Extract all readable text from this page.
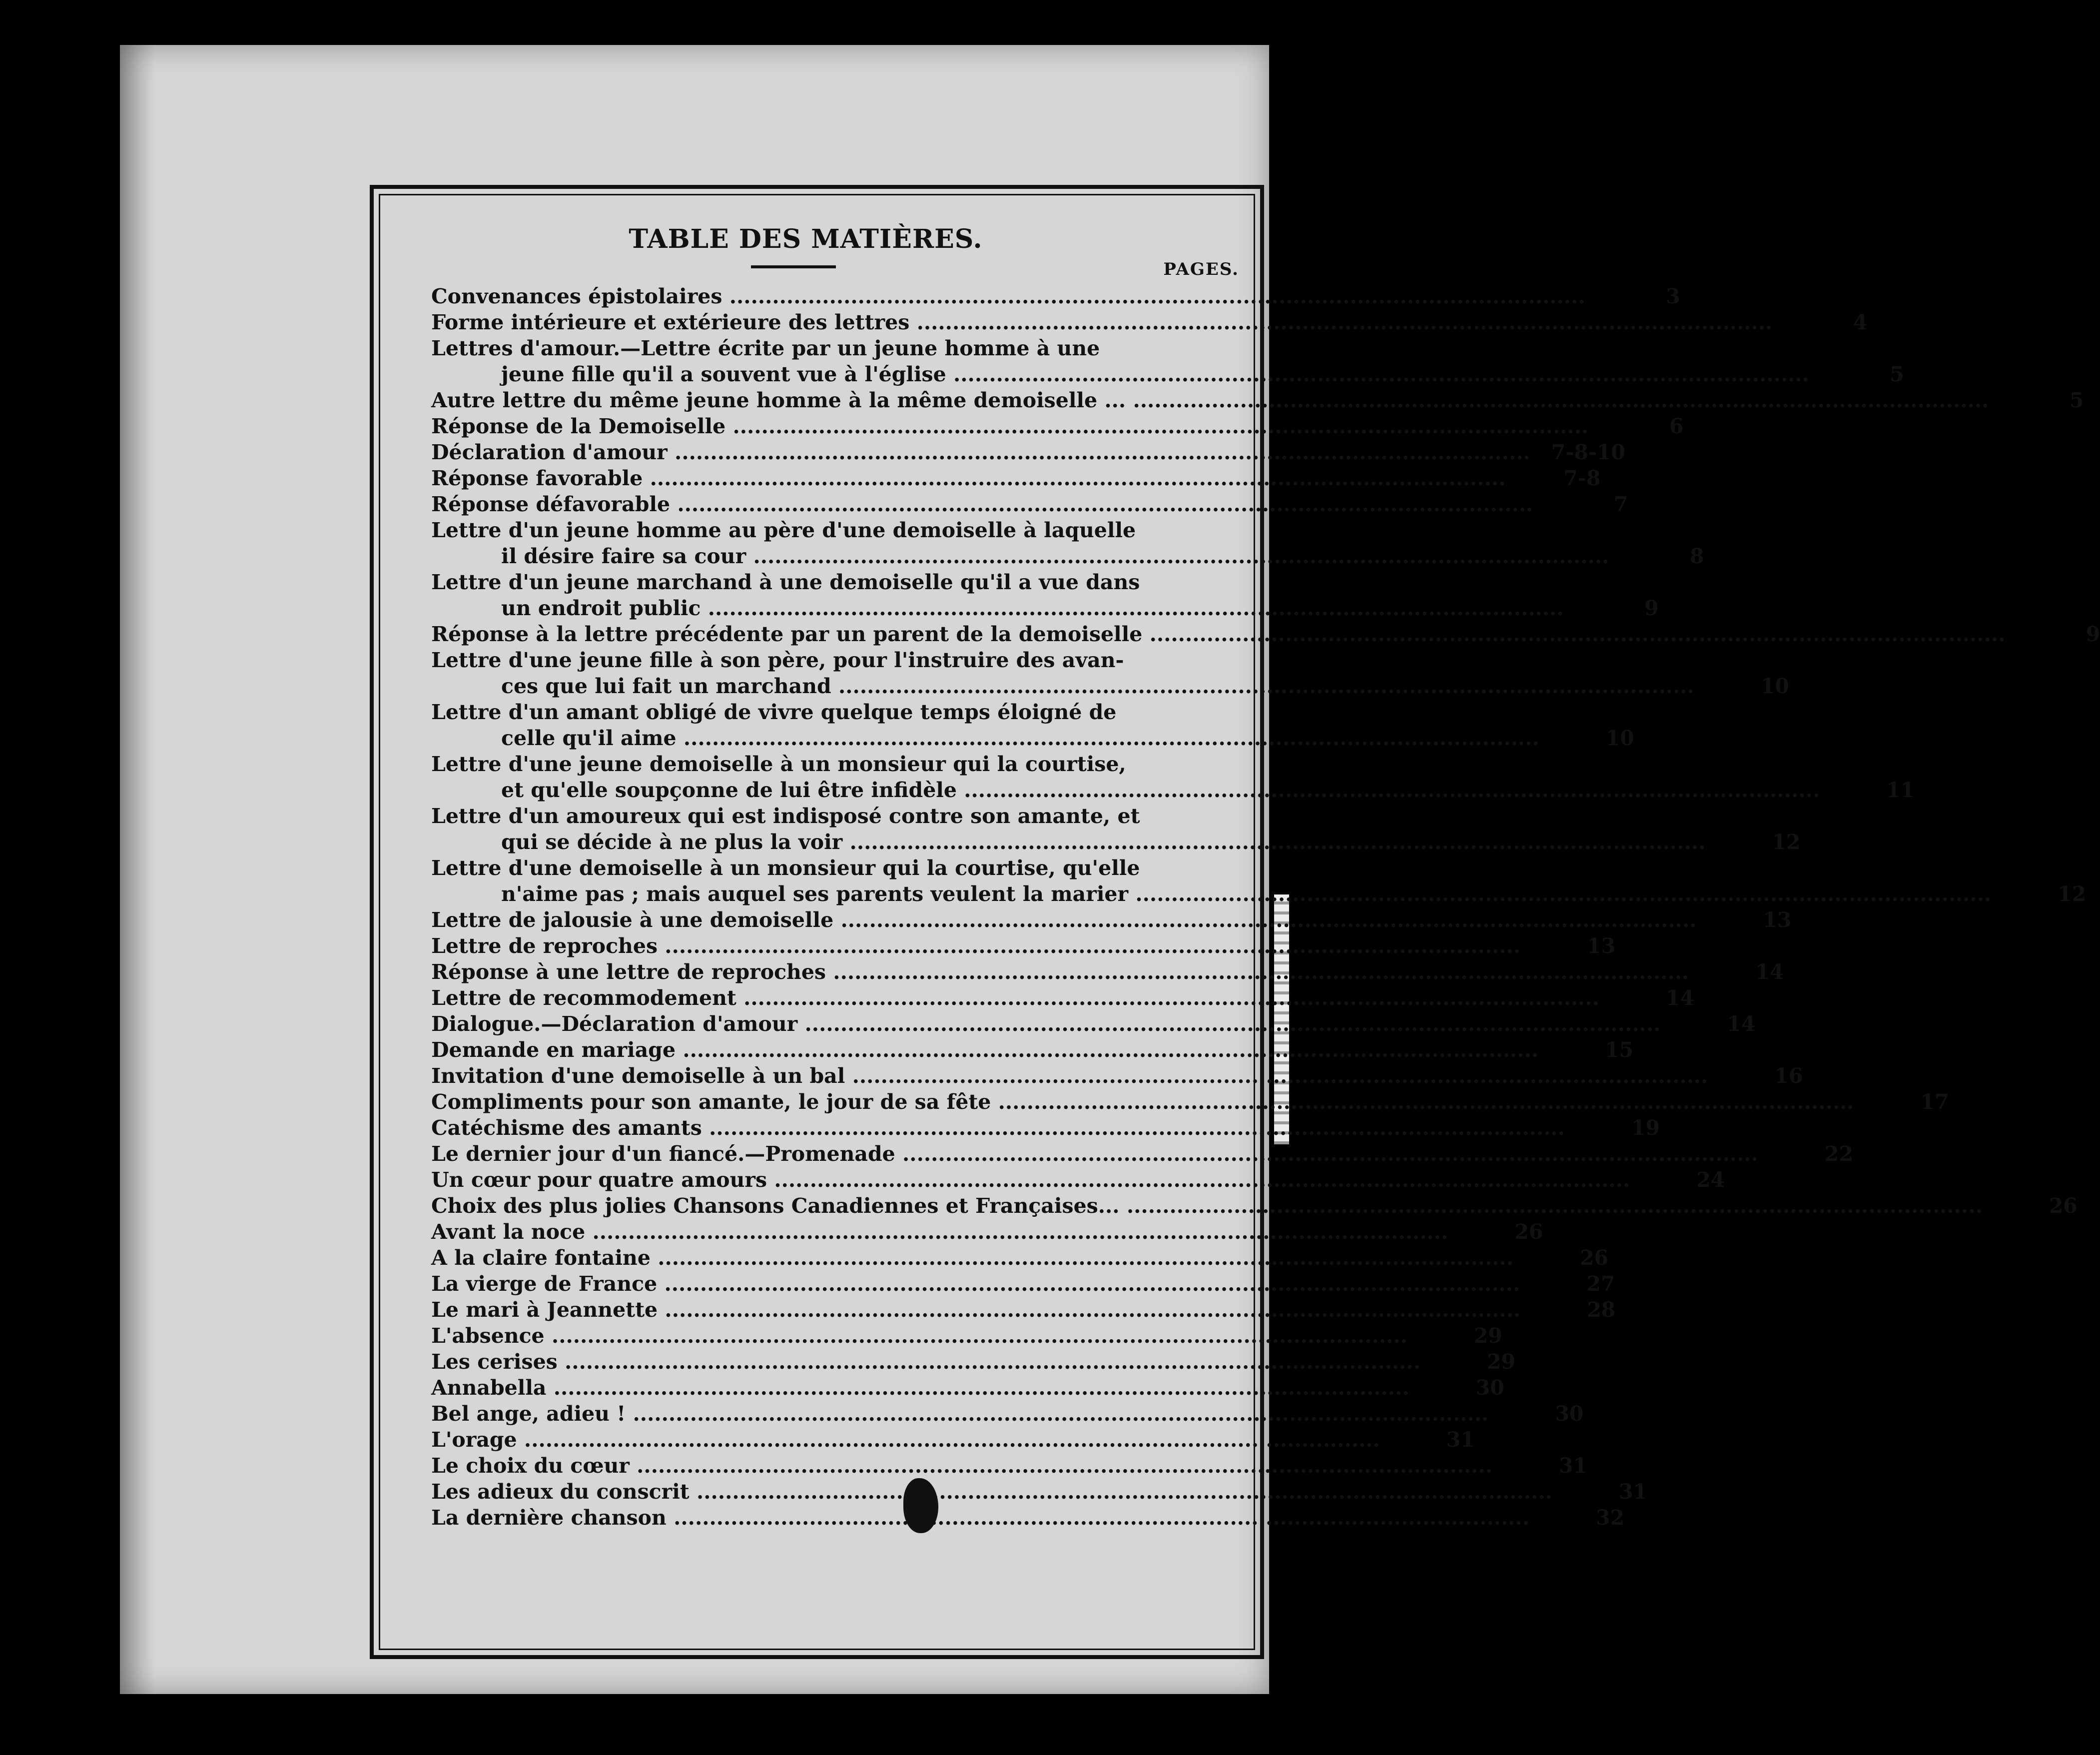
TABLE DES MATIÈRES.
PAGES.
Convenances épistolaires .....	3
Forme intérieure et extérieure des lettres .....	4
Lettres d'amour.—Lettre écrite par un jeune homme à une
jeune fille qu'il a souvent vue à l'église .....	5
Autre lettre du même jeune homme à la même demoiselle ... .....	5
Réponse de la Demoiselle .....	6
Déclaration d'amour .....	7-8-10
Réponse favorable .....	7-8
Réponse défavorable .....	7
Lettre d'un jeune homme au père d'une demoiselle à laquelle
il désire faire sa cour .....	8
Lettre d'un jeune marchand à une demoiselle qu'il a vue dans
un endroit public .....	9
Réponse à la lettre précédente par un parent de la demoiselle .....	9
Lettre d'une jeune fille à son père, pour l'instruire des avan-
ces que lui fait un marchand .....	10
Lettre d'un amant obligé de vivre quelque temps éloigné de
celle qu'il aime .....	10
Lettre d'une jeune demoiselle à un monsieur qui la courtise,
et qu'elle soupçonne de lui être infidèle .....	11
Lettre d'un amoureux qui est indisposé contre son amante, et
qui se décide à ne plus la voir .....	12
Lettre d'une demoiselle à un monsieur qui la courtise, qu'elle
n'aime pas ; mais auquel ses parents veulent la marier .....	12
Lettre de jalousie à une demoiselle .....	13
Lettre de reproches .....	13
Réponse à une lettre de reproches .....	14
Lettre de recommodement .....	14
Dialogue.—Déclaration d'amour .....	14
Demande en mariage .....	15
Invitation d'une demoiselle à un bal .....	16
Compliments pour son amante, le jour de sa fête .....	17
Catéchisme des amants .....	19
Le dernier jour d'un fiancé.—Promenade .....	22
Un cœur pour quatre amours .....	24
Choix des plus jolies Chansons Canadiennes et Françaises... .....	26
Avant la noce .....	26
A la claire fontaine .....	26
La vierge de France .....	27
Le mari à Jeannette .....	28
L'absence .....	29
Les cerises .....	29
Annabella .....	30
Bel ange, adieu ! .....	30
L'orage .....	31
Le choix du cœur .....	31
Les adieux du conscrit .....	31
La dernière chanson .....	32
